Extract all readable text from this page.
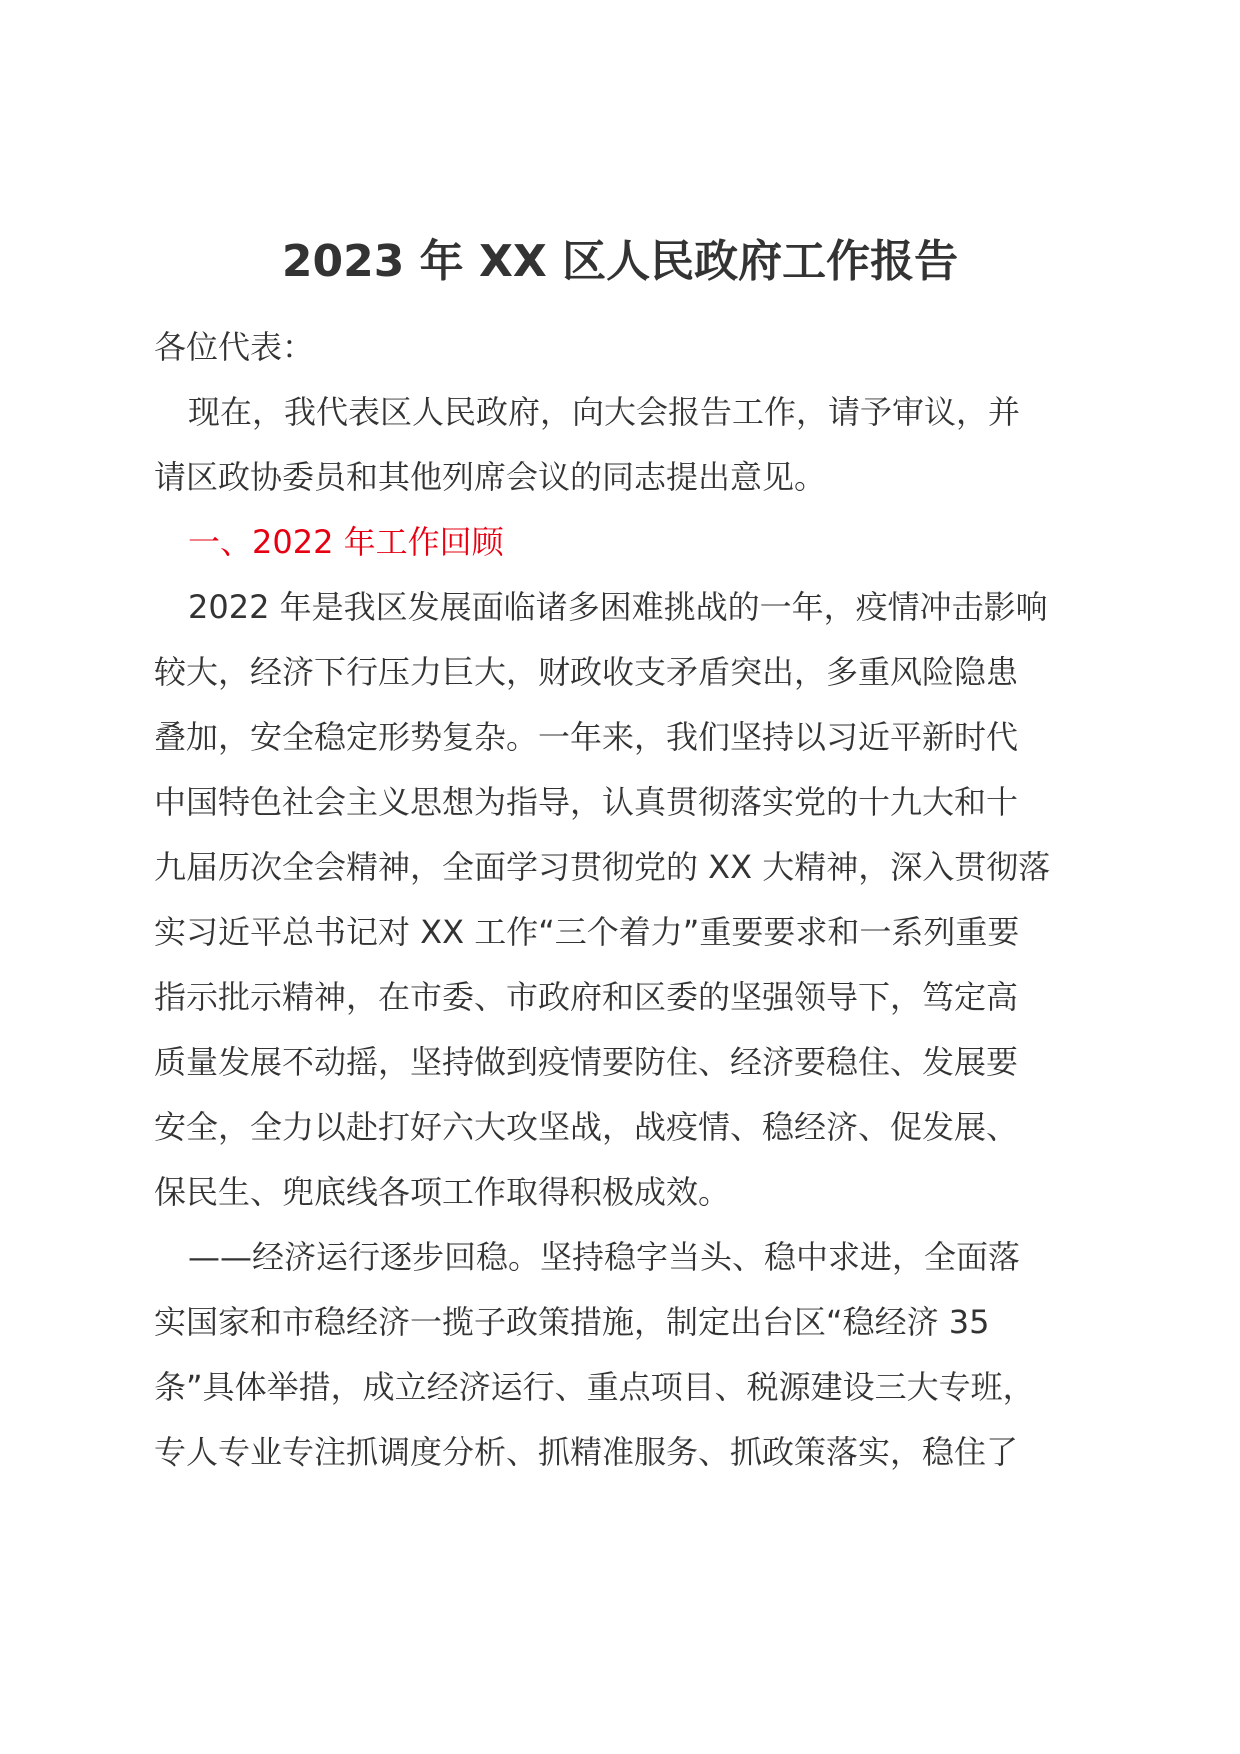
2023 年 XX 区人民政府工作报告
各位代表：
现在，我代表区人民政府，向大会报告工作，请予审议，并
请区政协委员和其他列席会议的同志提出意见。
一、2022 年工作回顾
2022 年是我区发展面临诸多困难挑战的一年，疫情冲击影响
较大，经济下行压力巨大，财政收支矛盾突出，多重风险隐患
叠加，安全稳定形势复杂。一年来，我们坚持以习近平新时代
中国特色社会主义思想为指导，认真贯彻落实党的十九大和十
九届历次全会精神，全面学习贯彻党的 XX 大精神，深入贯彻落
实习近平总书记对 XX 工作“三个着力”重要要求和一系列重要
指示批示精神，在市委、市政府和区委的坚强领导下，笃定高
质量发展不动摇，坚持做到疫情要防住、经济要稳住、发展要
安全，全力以赴打好六大攻坚战，战疫情、稳经济、促发展、
保民生、兜底线各项工作取得积极成效。
——经济运行逐步回稳。坚持稳字当头、稳中求进，全面落
实国家和市稳经济一揽子政策措施，制定出台区“稳经济 35
条”具体举措，成立经济运行、重点项目、税源建设三大专班，
专人专业专注抓调度分析、抓精准服务、抓政策落实，稳住了
